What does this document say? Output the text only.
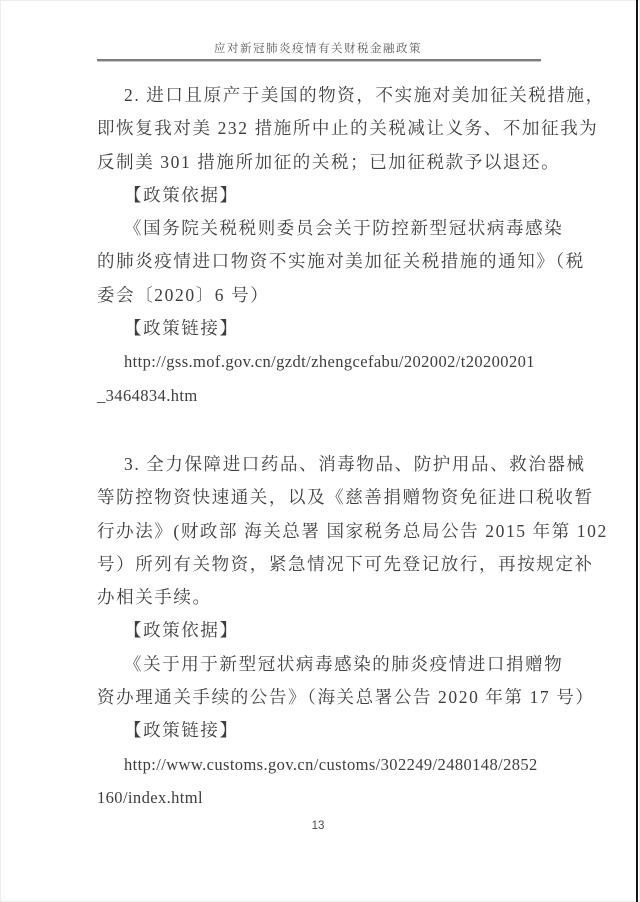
应对新冠肺炎疫情有关财税金融政策
2. 进口且原产于美国的物资，不实施对美加征关税措施，
即恢复我对美 232 措施所中止的关税减让义务、不加征我为
反制美 301 措施所加征的关税；已加征税款予以退还。
【政策依据】
《国务院关税税则委员会关于防控新型冠状病毒感染
的肺炎疫情进口物资不实施对美加征关税措施的通知》（税
委会〔2020〕6 号）
【政策链接】
http://gss.mof.gov.cn/gzdt/zhengcefabu/202002/t20200201
_3464834.htm
3. 全力保障进口药品、消毒物品、防护用品、救治器械
等防控物资快速通关，以及《慈善捐赠物资免征进口税收暂
行办法》(财政部 海关总署 国家税务总局公告 2015 年第 102
号）所列有关物资，紧急情况下可先登记放行，再按规定补
办相关手续。
【政策依据】
《关于用于新型冠状病毒感染的肺炎疫情进口捐赠物
资办理通关手续的公告》（海关总署公告 2020 年第 17 号）
【政策链接】
http://www.customs.gov.cn/customs/302249/2480148/2852
160/index.html
13
